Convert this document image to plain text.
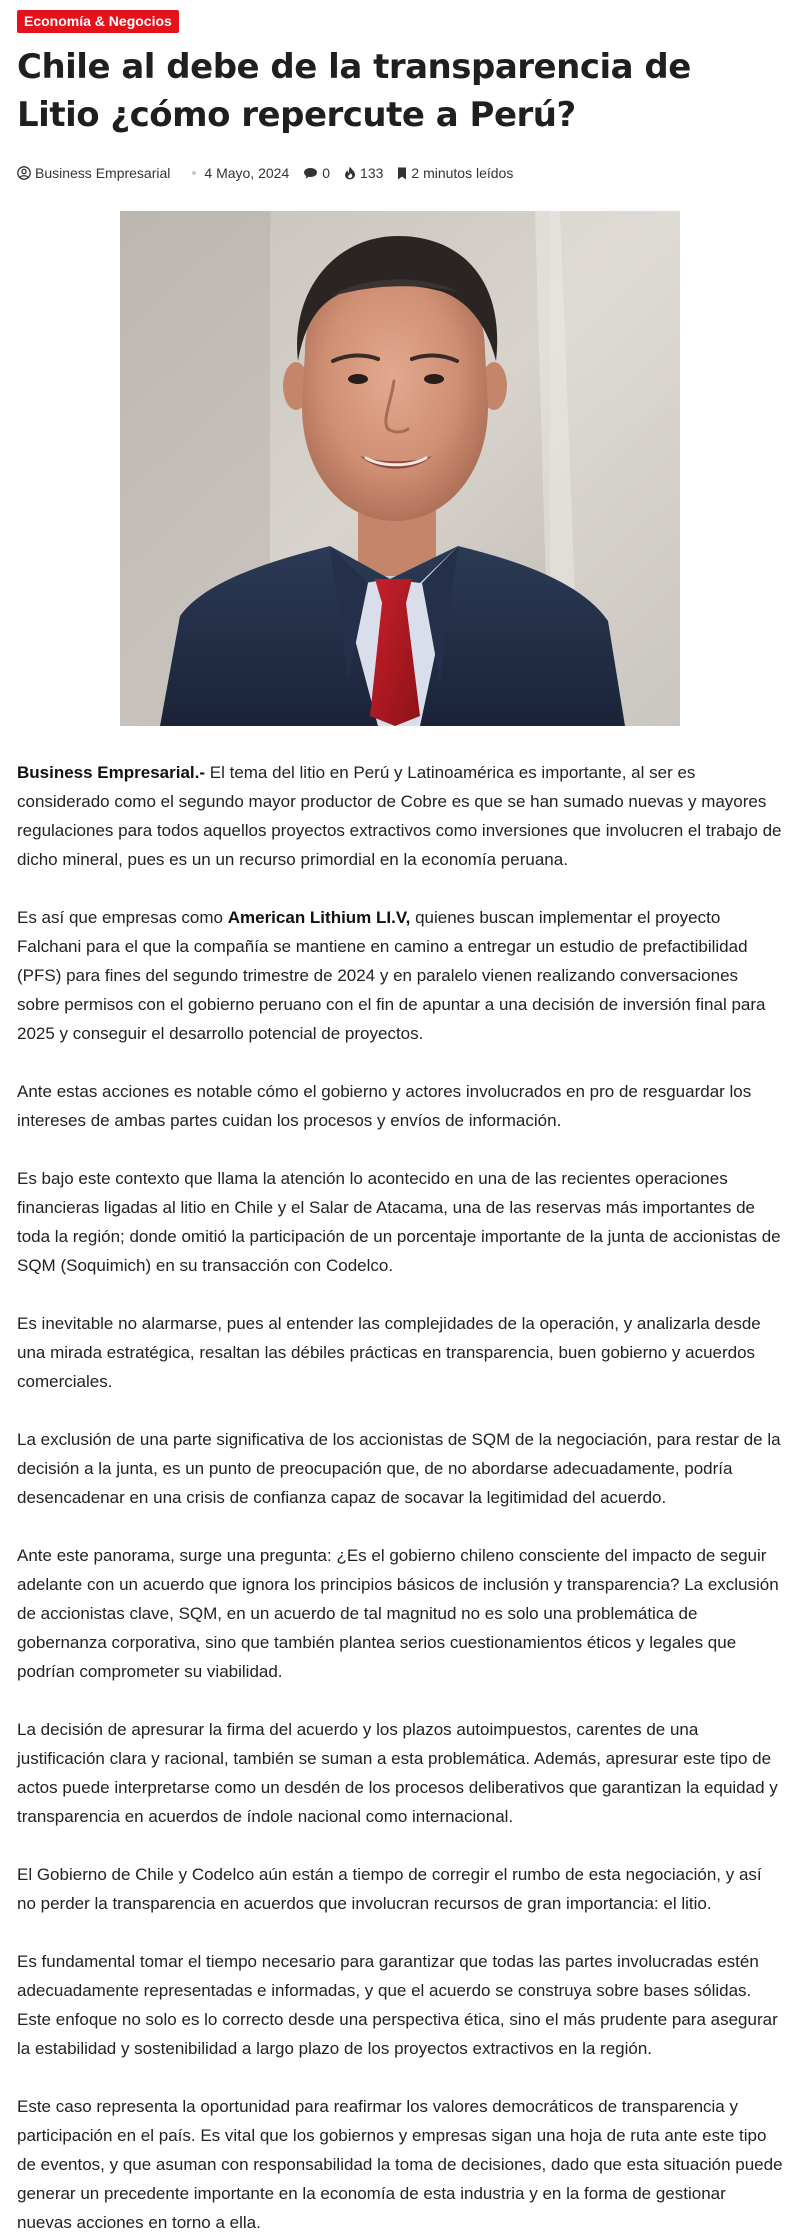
Economía & Negocios
Chile al debe de la transparencia de Litio ¿cómo repercute a Perú?
Business Empresarial 4 Mayo, 2024 0 133 2 minutos leídos

Business Empresarial.- El tema del litio en Perú y Latinoamérica es importante, al ser es considerado como el segundo mayor productor de Cobre es que se han sumado nuevas y mayores regulaciones para todos aquellos proyectos extractivos como inversiones que involucren el trabajo de dicho mineral, pues es un un recurso primordial en la economía peruana.

Es así que empresas como American Lithium LI.V, quienes buscan implementar el proyecto Falchani para el que la compañía se mantiene en camino a entregar un estudio de prefactibilidad (PFS) para fines del segundo trimestre de 2024 y en paralelo vienen realizando conversaciones sobre permisos con el gobierno peruano con el fin de apuntar a una decisión de inversión final para 2025 y conseguir el desarrollo potencial de proyectos.

Ante estas acciones es notable cómo el gobierno y actores involucrados en pro de resguardar los intereses de ambas partes cuidan los procesos y envíos de información.

Es bajo este contexto que llama la atención lo acontecido en una de las recientes operaciones financieras ligadas al litio en Chile y el Salar de Atacama, una de las reservas más importantes de toda la región; donde omitió la participación de un porcentaje importante de la junta de accionistas de SQM (Soquimich) en su transacción con Codelco.

Es inevitable no alarmarse, pues al entender las complejidades de la operación, y analizarla desde una mirada estratégica, resaltan las débiles prácticas en transparencia, buen gobierno y acuerdos comerciales.

La exclusión de una parte significativa de los accionistas de SQM de la negociación, para restar de la decisión a la junta, es un punto de preocupación que, de no abordarse adecuadamente, podría desencadenar en una crisis de confianza capaz de socavar la legitimidad del acuerdo.

Ante este panorama, surge una pregunta: ¿Es el gobierno chileno consciente del impacto de seguir adelante con un acuerdo que ignora los principios básicos de inclusión y transparencia? La exclusión de accionistas clave, SQM, en un acuerdo de tal magnitud no es solo una problemática de gobernanza corporativa, sino que también plantea serios cuestionamientos éticos y legales que podrían comprometer su viabilidad.

La decisión de apresurar la firma del acuerdo y los plazos autoimpuestos, carentes de una justificación clara y racional, también se suman a esta problemática. Además, apresurar este tipo de actos puede interpretarse como un desdén de los procesos deliberativos que garantizan la equidad y transparencia en acuerdos de índole nacional como internacional.

El Gobierno de Chile y Codelco aún están a tiempo de corregir el rumbo de esta negociación, y así no perder la transparencia en acuerdos que involucran recursos de gran importancia: el litio.

Es fundamental tomar el tiempo necesario para garantizar que todas las partes involucradas estén adecuadamente representadas e informadas, y que el acuerdo se construya sobre bases sólidas. Este enfoque no solo es lo correcto desde una perspectiva ética, sino el más prudente para asegurar la estabilidad y sostenibilidad a largo plazo de los proyectos extractivos en la región.

Este caso representa la oportunidad para reafirmar los valores democráticos de transparencia y participación en el país. Es vital que los gobiernos y empresas sigan una hoja de ruta ante este tipo de eventos, y que asuman con responsabilidad la toma de decisiones, dado que esta situación puede generar un precedente importante en la economía de esta industria y en la forma de gestionar nuevas acciones en torno a ella.
